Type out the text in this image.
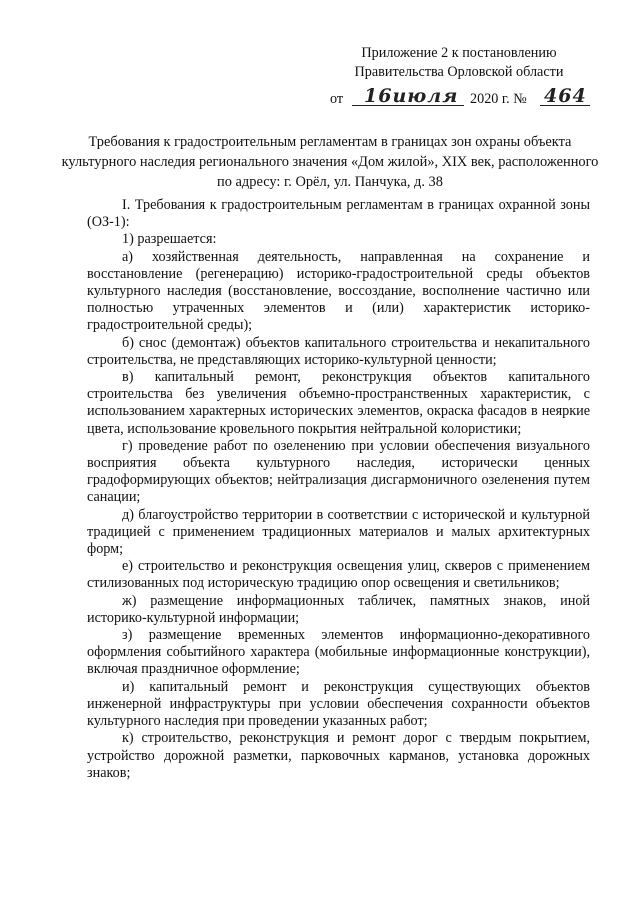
Приложение 2 к постановлению
Правительства Орловской области
от 16июля 2020 г. № 464
Требования к градостроительным регламентам в границах зон охраны объекта культурного наследия регионального значения «Дом жилой», XIX век, расположенного по адресу: г. Орёл, ул. Панчука, д. 38

I. Требования к градостроительным регламентам в границах охранной зоны (ОЗ-1):

1) разрешается:

а) хозяйственная деятельность, направленная на сохранение и восстановление (регенерацию) историко-градостроительной среды объектов культурного наследия (восстановление, воссоздание, восполнение частично или полностью утраченных элементов и (или) характеристик историко-градостроительной среды);

б) снос (демонтаж) объектов капитального строительства и некапитального строительства, не представляющих историко-культурной ценности;

в) капитальный ремонт, реконструкция объектов капитального строительства без увеличения объемно-пространственных характеристик, с использованием характерных исторических элементов, окраска фасадов в неяркие цвета, использование кровельного покрытия нейтральной колористики;

г) проведение работ по озеленению при условии обеспечения визуального восприятия объекта культурного наследия, исторически ценных градоформирующих объектов; нейтрализация дисгармоничного озеленения путем санации;

д) благоустройство территории в соответствии с исторической и культурной традицией с применением традиционных материалов и малых архитектурных форм;

е) строительство и реконструкция освещения улиц, скверов с применением стилизованных под историческую традицию опор освещения и светильников;

ж) размещение информационных табличек, памятных знаков, иной историко-культурной информации;

з) размещение временных элементов информационно-декоративного оформления событийного характера (мобильные информационные конструкции), включая праздничное оформление;

и) капитальный ремонт и реконструкция существующих объектов инженерной инфраструктуры при условии обеспечения сохранности объектов культурного наследия при проведении указанных работ;

к) строительство, реконструкция и ремонт дорог с твердым покрытием, устройство дорожной разметки, парковочных карманов, установка дорожных знаков;
